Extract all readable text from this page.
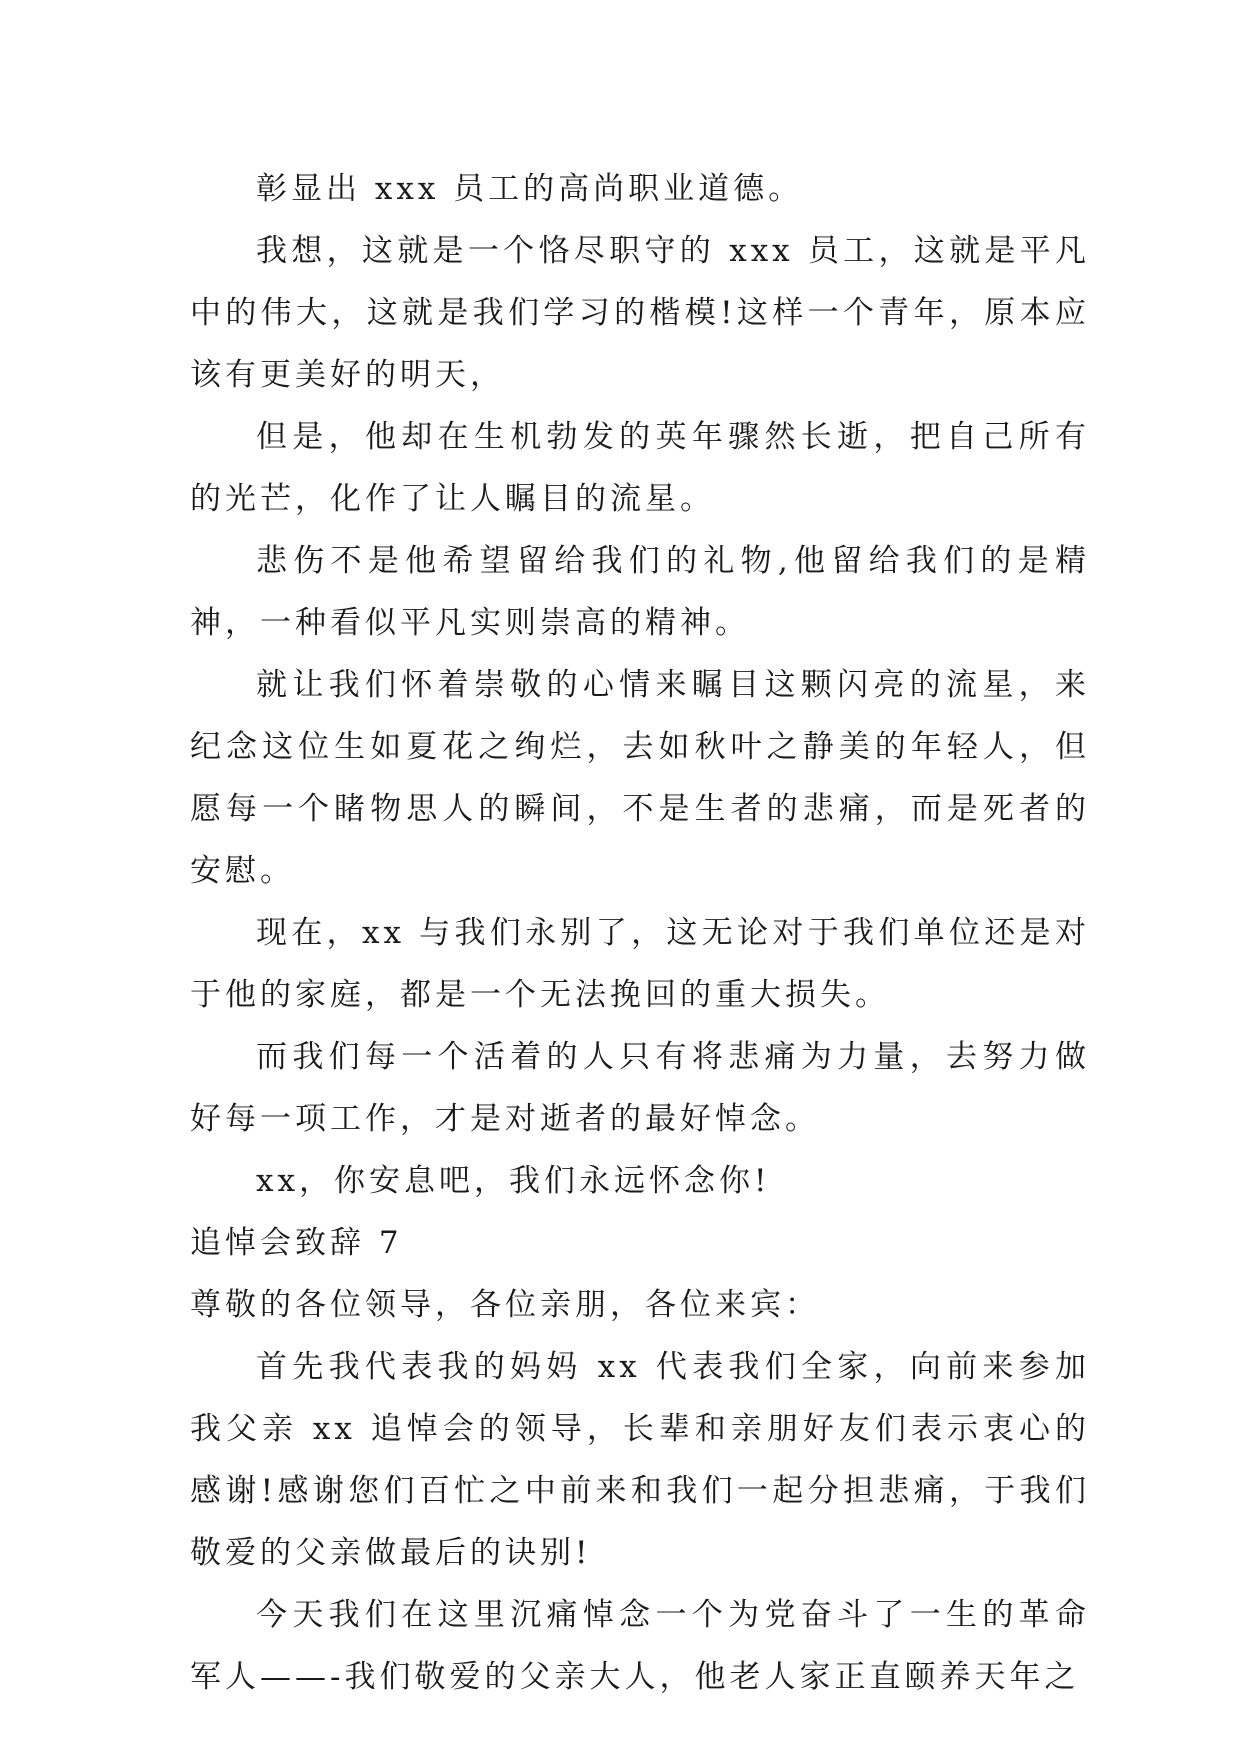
彰显出 xxx 员工的高尚职业道德。

我想，这就是一个恪尽职守的 xxx 员工，这就是平凡中的伟大，这就是我们学习的楷模!这样一个青年，原本应该有更美好的明天，

但是，他却在生机勃发的英年骤然长逝，把自己所有的光芒，化作了让人瞩目的流星。

悲伤不是他希望留给我们的礼物,他留给我们的是精神，一种看似平凡实则崇高的精神。

就让我们怀着崇敬的心情来瞩目这颗闪亮的流星，来纪念这位生如夏花之绚烂，去如秋叶之静美的年轻人，但愿每一个睹物思人的瞬间，不是生者的悲痛，而是死者的安慰。

现在，xx 与我们永别了，这无论对于我们单位还是对于他的家庭，都是一个无法挽回的重大损失。

而我们每一个活着的人只有将悲痛为力量，去努力做好每一项工作，才是对逝者的最好悼念。

xx，你安息吧，我们永远怀念你!

追悼会致辞 7

尊敬的各位领导，各位亲朋，各位来宾：

首先我代表我的妈妈 xx 代表我们全家，向前来参加我父亲 xx 追悼会的领导，长辈和亲朋好友们表示衷心的感谢!感谢您们百忙之中前来和我们一起分担悲痛，于我们敬爱的父亲做最后的诀别!

今天我们在这里沉痛悼念一个为党奋斗了一生的革命军人——-我们敬爱的父亲大人，他老人家正直颐养天年之
